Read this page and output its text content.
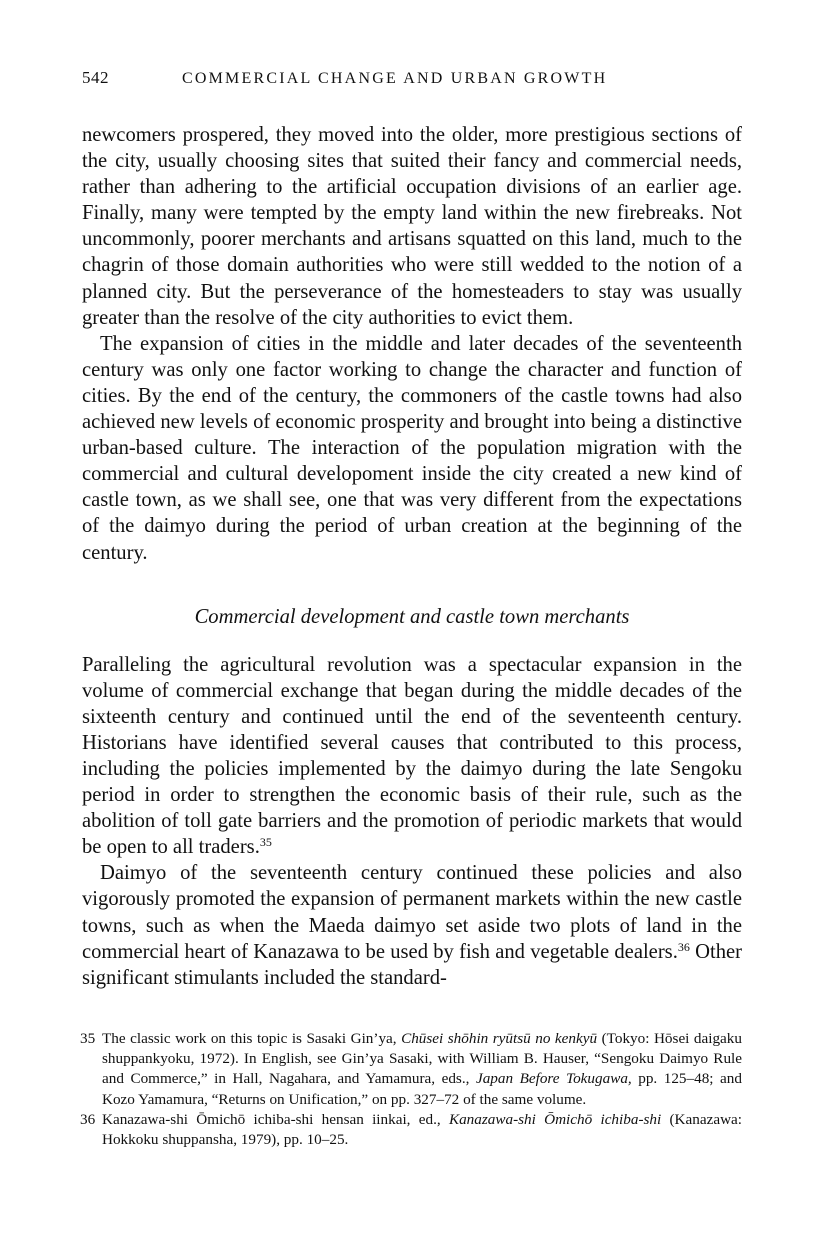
542	COMMERCIAL CHANGE AND URBAN GROWTH

newcomers prospered, they moved into the older, more prestigious sections of the city, usually choosing sites that suited their fancy and commercial needs, rather than adhering to the artificial occupation divisions of an earlier age. Finally, many were tempted by the empty land within the new firebreaks. Not uncommonly, poorer merchants and artisans squatted on this land, much to the chagrin of those domain authorities who were still wedded to the notion of a planned city. But the perseverance of the homesteaders to stay was usually greater than the resolve of the city authorities to evict them.

The expansion of cities in the middle and later decades of the seventeenth century was only one factor working to change the character and function of cities. By the end of the century, the commoners of the castle towns had also achieved new levels of economic prosperity and brought into being a distinctive urban-based culture. The interaction of the population migration with the commercial and cultural developoment inside the city created a new kind of castle town, as we shall see, one that was very different from the expectations of the daimyo during the period of urban creation at the beginning of the century.

Commercial development and castle town merchants

Paralleling the agricultural revolution was a spectacular expansion in the volume of commercial exchange that began during the middle decades of the sixteenth century and continued until the end of the seventeenth century. Historians have identified several causes that contributed to this process, including the policies implemented by the daimyo during the late Sengoku period in order to strengthen the economic basis of their rule, such as the abolition of toll gate barriers and the promotion of periodic markets that would be open to all traders.$^{35}$

Daimyo of the seventeenth century continued these policies and also vigorously promoted the expansion of permanent markets within the new castle towns, such as when the Maeda daimyo set aside two plots of land in the commercial heart of Kanazawa to be used by fish and vegetable dealers.$^{36}$ Other significant stimulants included the standard-

35 The classic work on this topic is Sasaki Gin’ya, Chūsei shōhin ryūtsū no kenkyū (Tokyo: Hōsei daigaku shuppankyoku, 1972). In English, see Gin’ya Sasaki, with William B. Hauser, “Sengoku Daimyo Rule and Commerce,” in Hall, Nagahara, and Yamamura, eds., Japan Before Tokugawa, pp. 125–48; and Kozo Yamamura, “Returns on Unification,” on pp. 327–72 of the same volume.
36 Kanazawa-shi Ōmichō ichiba-shi hensan iinkai, ed., Kanazawa-shi Ōmichō ichiba-shi (Kanazawa: Hokkoku shuppansha, 1979), pp. 10–25.
